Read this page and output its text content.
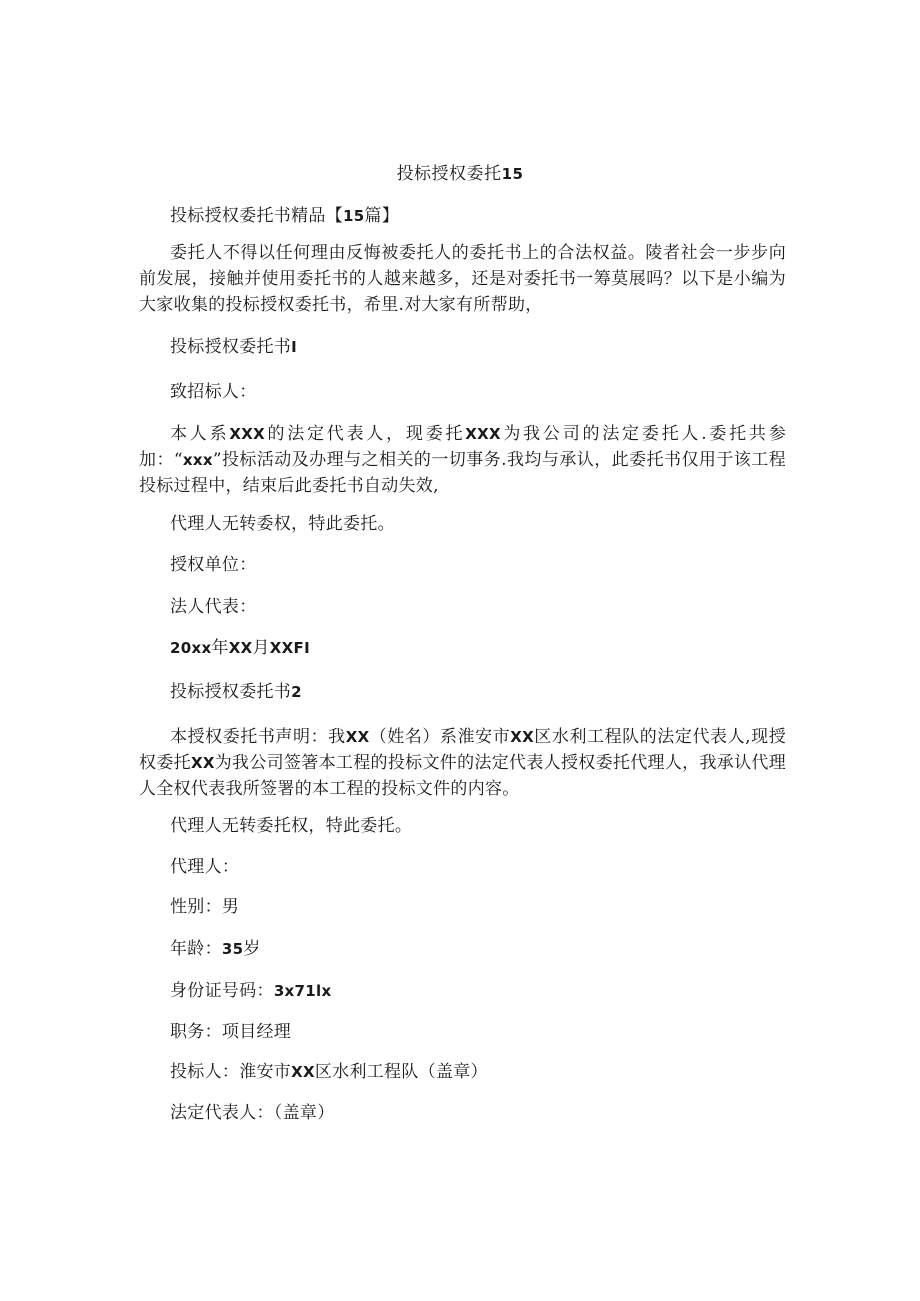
投标授权委托15

投标授权委托书精品【15篇】

委托人不得以任何理由反悔被委托人的委托书上的合法权益。陵者社会一步步向前发展，接触并使用委托书的人越来越多，还是对委托书一筹莫展吗？以下是小编为大家收集的投标授权委托书，希里.对大家有所帮助，

投标授权委托书I

致招标人：

本人系XXX的法定代表人，现委托XXX为我公司的法定委托人.委托共参加：“xxx”投标活动及办理与之相关的一切事务.我均与承认，此委托书仅用于该工程投标过程中，结束后此委托书自动失效,

代理人无转委权，特此委托。

授权单位：

法人代表：

20xx年XX月XXFI

投标授权委托书2

本授权委托书声明：我XX（姓名）系淮安市XX区水利工程队的法定代表人,现授权委托XX为我公司签箸本工程的投标文件的法定代表人授权委托代理人，我承认代理人全权代表我所签署的本工程的投标文件的内容。

代理人无转委托权，特此委托。

代理人：

性别：男

年龄：35岁

身份证号码：3x71lx

职务：项目经理

投标人：淮安市XX区水利工程队（盖章）

法定代表人：（盖章）
